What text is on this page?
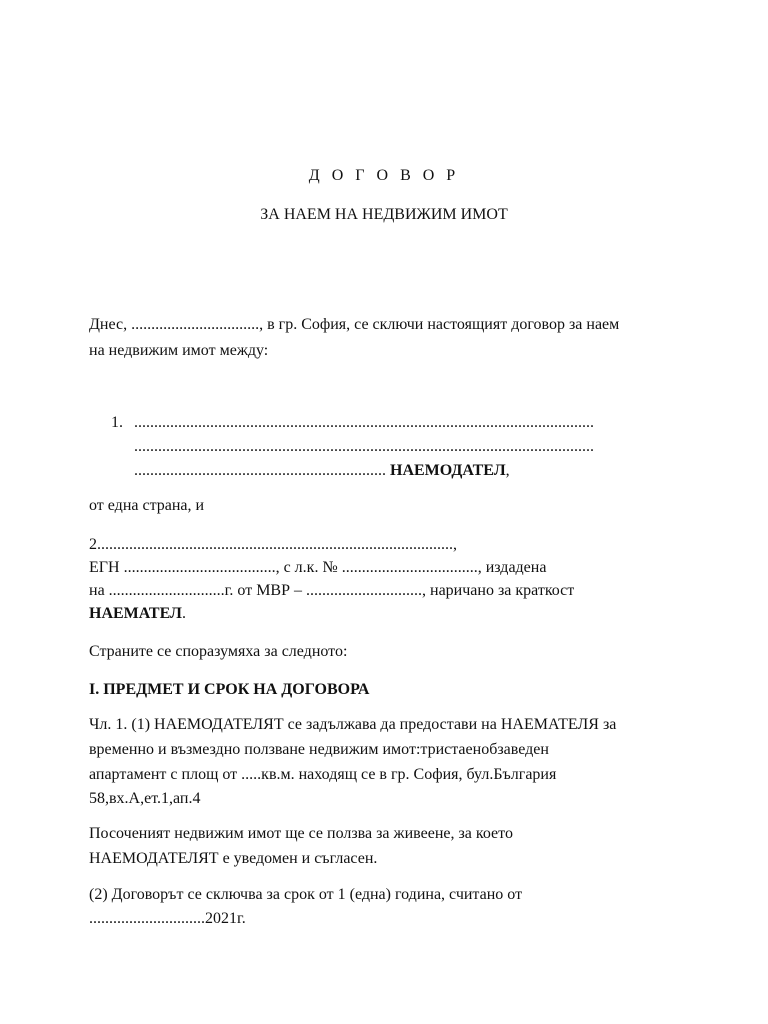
Д О Г О В О Р
ЗА НАЕМ НА НЕДВИЖИМ ИМОТ
Днес, ................................, в гр. София, се сключи настоящият договор за наем
на недвижим имот между:
1. ...................................................................................................................
...................................................................................................................
............................................................... НАЕМОДАТЕЛ,
от една страна, и
2.........................................................................................,
ЕГН ......................................, с л.к. № .................................., издадена
на .............................г. от МВР – ............................., наричано за краткост
НАЕМАТЕЛ.
Страните се споразумяха за следното:
I. ПРЕДМЕТ И СРОК НА ДОГОВОРА
Чл. 1. (1) НАЕМОДАТЕЛЯТ се задължава да предостави на НАЕМАТЕЛЯ за
временно и възмездно ползване недвижим имот:тристаенобзаведен
апартамент с площ от .....кв.м. находящ се в гр. София, бул.България
58,вх.А,ет.1,ап.4
Посоченият недвижим имот ще се ползва за живеене, за което
НАЕМОДАТЕЛЯТ е уведомен и съгласен.
(2) Договорът се сключва за срок от 1 (една) година, считано от
.............................2021г.
